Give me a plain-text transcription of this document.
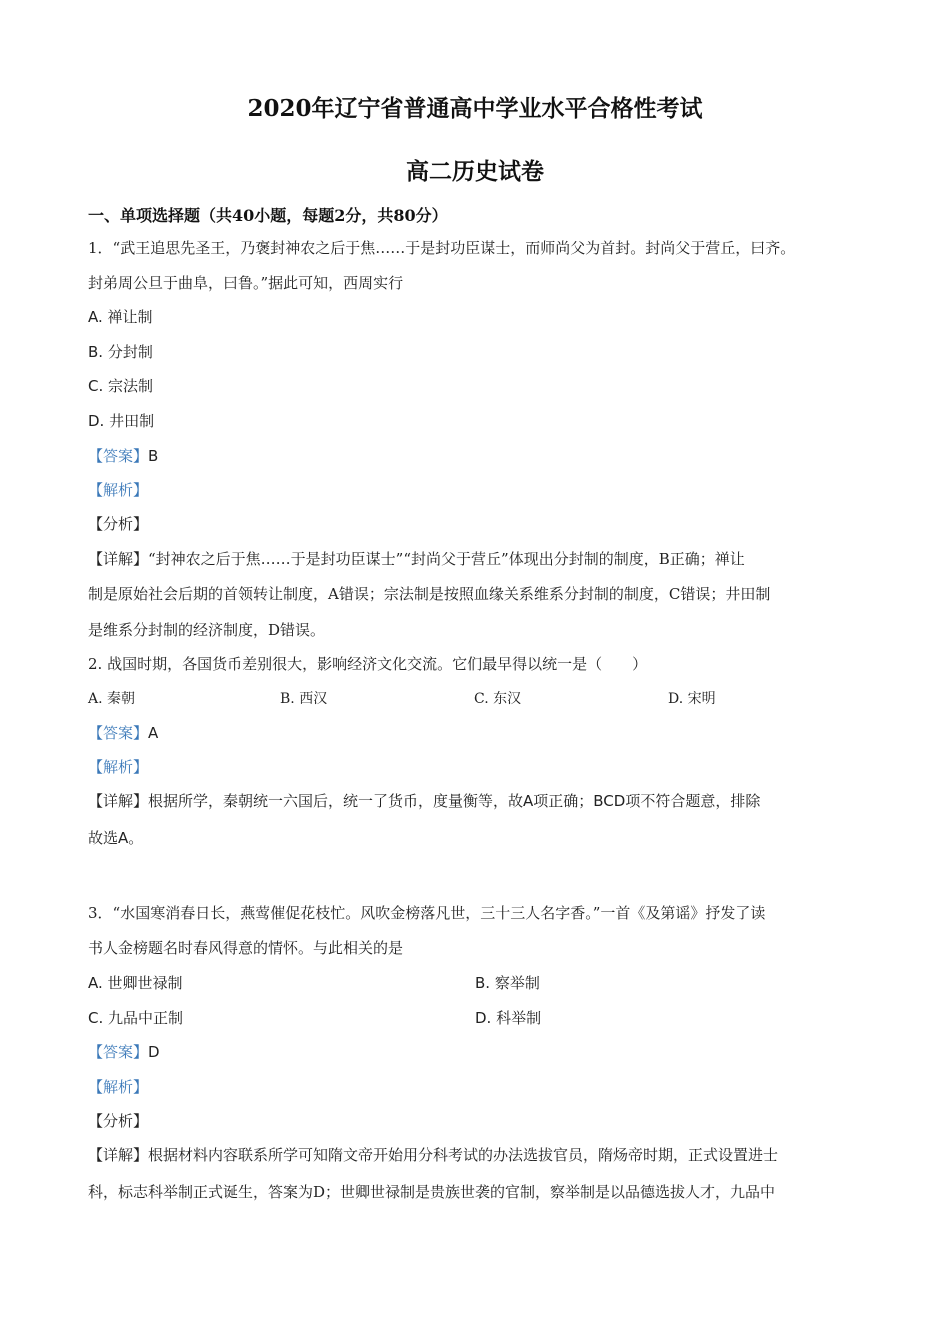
2020年辽宁省普通高中学业水平合格性考试
高二历史试卷
一、单项选择题（共40小题，每题2分，共80分）
1．“武王追思先圣王，乃褒封神农之后于焦……于是封功臣谋士，而师尚父为首封。封尚父于营丘，曰齐。
封弟周公旦于曲阜，曰鲁。”据此可知，西周实行
A. 禅让制
B. 分封制
C. 宗法制
D. 井田制
【答案】B
【解析】
【分析】
【详解】“封神农之后于焦……于是封功臣谋士”“封尚父于营丘”体现出分封制的制度，B正确；禅让
制是原始社会后期的首领转让制度，A错误；宗法制是按照血缘关系维系分封制的制度，C错误；井田制
是维系分封制的经济制度，D错误。
2. 战国时期，各国货币差别很大，影响经济文化交流。它们最早得以统一是（　　）
A. 秦朝	B. 西汉	C. 东汉	D. 宋明
【答案】A
【解析】
【详解】根据所学，秦朝统一六国后，统一了货币，度量衡等，故A项正确；BCD项不符合题意，排除
故选A。
3．“水国寒消春日长，燕莺催促花枝忙。风吹金榜落凡世，三十三人名字香。”一首《及第谣》抒发了读
书人金榜题名时春风得意的情怀。与此相关的是
A. 世卿世禄制	B. 察举制
C. 九品中正制	D. 科举制
【答案】D
【解析】
【分析】
【详解】根据材料内容联系所学可知隋文帝开始用分科考试的办法选拔官员，隋炀帝时期，正式设置进士
科，标志科举制正式诞生，答案为D；世卿世禄制是贵族世袭的官制，察举制是以品德选拔人才，九品中
